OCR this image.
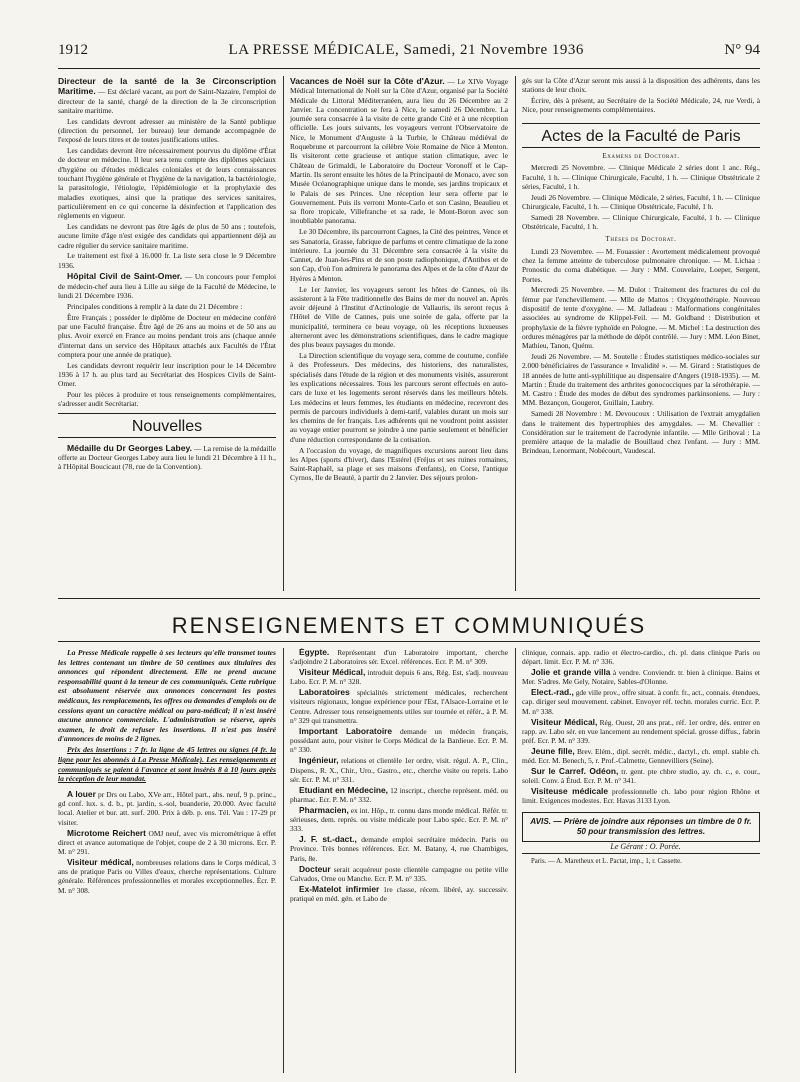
1912	LA PRESSE MÉDICALE, Samedi, 21 Novembre 1936	N° 94

Directeur de la santé de la 3e Circonscription Maritime. — Est déclaré vacant, au port de Saint-Nazaire, l'emploi de directeur de la santé, chargé de la direction de la 3e circonscription sanitaire maritime.

Les candidats devront adresser au ministère de la Santé publique (direction du personnel, 1er bureau) leur demande accompagnée de l'exposé de leurs titres et de toutes justifications utiles.

Les candidats devront être nécessairement pourvus du diplôme d'État de docteur en médecine. Il leur sera tenu compte des diplômes spéciaux d'hygiène ou d'études médicales coloniales et de leurs connaissances touchant l'hygiène générale et l'hygiène de la navigation, la bactériologie, la parasitologie, l'étiologie, l'épidémiologie et la prophylaxie des maladies exotiques, ainsi que la pratique des services sanitaires, particulièrement en ce qui concerne la désinfection et l'application des règlements en vigueur.

Les candidats ne devront pas être âgés de plus de 50 ans ; toutefois, aucune limite d'âge n'est exigée des candidats qui appartiennent déjà au cadre régulier du service sanitaire maritime.

Le traitement est fixé à 16.000 fr. La liste sera close le 9 Décembre 1936.

Hôpital Civil de Saint-Omer. — Un concours pour l'emploi de médecin-chef aura lieu à Lille au siège de la Faculté de Médecine, le lundi 21 Décembre 1936.

Principales conditions à remplir à la date du 21 Décembre :

Être Français ; posséder le diplôme de Docteur en médecine conféré par une Faculté française. Être âgé de 26 ans au moins et de 50 ans au plus. Avoir exercé en France au moins pendant trois ans (chaque année d'internat dans un service des Hôpitaux attachés aux Facultés de l'État comptera pour une année de pratique).

Les candidats devront requérir leur inscription pour le 14 Décembre 1936 à 17 h. au plus tard au Secrétariat des Hospices Civils de Saint-Omer.

Pour les pièces à produire et tous renseignements complémentaires, s'adresser audit Secrétariat.

Nouvelles

Médaille du Dr Georges Labey. — La remise de la médaille offerte au Docteur Georges Labey aura lieu le lundi 21 Décembre à 11 h., à l'Hôpital Boucicaut (78, rue de la Convention).

Vacances de Noël sur la Côte d'Azur. — Le XIVe Voyage Médical International de Noël sur la Côte d'Azur, organisé par la Société Médicale du Littoral Méditerranéen, aura lieu du 26 Décembre au 2 Janvier. La concentration se fera à Nice, le samedi 26 Décembre. La journée sera consacrée à la visite de cette grande Cité et à une réception officielle. Les jours suivants, les voyageurs verront l'Observatoire de Nice, le Monument d'Auguste à la Turbie, le Château médiéval de Roquebrune et parcourront la célèbre Voie Romaine de Nice à Menton. Ils visiteront cette gracieuse et antique station climatique, avec le Château de Grimaldi, le Laboratoire du Docteur Voronoff et le Cap-Martin. Ils seront ensuite les hôtes de la Principauté de Monaco, avec son Musée Océanographique unique dans le monde, ses jardins tropicaux et le Palais de ses Princes. Une réception leur sera offerte par le Gouvernement. Puis ils verront Monte-Carlo et son Casino, Beaulieu et sa flore tropicale, Villefranche et sa rade, le Mont-Boron avec son inoubliable panorama.

Le 30 Décembre, ils parcourront Cagnes, la Cité des peintres, Vence et ses Sanatoria, Grasse, fabrique de parfums et centre climatique de la zone intérieure. La journée du 31 Décembre sera consacrée à la visite du Cannet, de Juan-les-Pins et de son poste radiophonique, d'Antibes et de son Cap, d'où l'on admirera le panorama des Alpes et de la côte d'Azur de Hyères à Menton.

Le 1er Janvier, les voyageurs seront les hôtes de Cannes, où ils assisteront à la Fête traditionnelle des Bains de mer du nouvel an. Après avoir déjeuné à l'Institut d'Actinologie de Vallauris, ils seront reçus à l'Hôtel de Ville de Cannes, puis une soirée de gala, offerte par la municipalité, terminera ce beau voyage, où les réceptions luxueuses alterneront avec les démonstrations scientifiques, dans le cadre magique des plus beaux paysages du monde.

La Direction scientifique du voyage sera, comme de coutume, confiée à des Professeurs. Des médecins, des historiens, des naturalistes, spécialisés dans l'étude de la région et des monuments visités, assureront les explications nécessaires. Tous les parcours seront effectués en auto-cars de luxe et les logements seront réservés dans les meilleurs hôtels. Les médecins et leurs femmes, les étudiants en médecine, recevront des permis de parcours individuels à demi-tarif, valables durant un mois sur les chemins de fer français. Les adhérents qui ne voudront point assister au voyage entier pourront se joindre à une partie seulement et bénéficier d'une réduction correspondante de la cotisation.

A l'occasion du voyage, de magnifiques excursions auront lieu dans les Alpes (sports d'hiver), dans l'Estérel (Fréjus et ses ruines romaines, Saint-Raphaël, sa plage et ses maisons d'enfants), en Corse, l'antique Cyrnos, Ile de Beauté, à partir du 2 Janvier. Des séjours prolon-

gés sur la Côte d'Azur seront mis aussi à la disposition des adhérents, dans les stations de leur choix.

Écrire, dès à présent, au Secrétaire de la Société Médicale, 24, rue Verdi, à Nice, pour renseignements complémentaires.

Actes de la Faculté de Paris

Examens de Doctorat.

Mercredi 25 Novembre. — Clinique Médicale 2 séries dont 1 anc. Rég., Faculté, 1 h. — Clinique Chirurgicale, Faculté, 1 h. — Clinique Obstétricale 2 séries, Faculté, 1 h.

Jeudi 26 Novembre. — Clinique Médicale, 2 séries, Faculté, 1 h. — Clinique Chirurgicale, Faculté, 1 h. — Clinique Obstétricale, Faculté, 1 h.

Samedi 28 Novembre. — Clinique Chirurgicale, Faculté, 1 h. — Clinique Obstétricale, Faculté, 1 h.

Thèses de Doctorat.

Lundi 23 Novembre. — M. Fouassier : Avortement médicalement provoqué chez la femme atteinte de tuberculose pulmonaire chronique. — M. Lichaa : Pronostic du coma diabétique. — Jury : MM. Couvelaire, Loeper, Sergent, Portes.

Mercredi 25 Novembre. — M. Dulot : Traitement des fractures du col du fémur par l'enchevillement. — Mlle de Mattos : Oxygénothérapie. Nouveau dispositif de tente d'oxygène. — M. Jalladeau : Malformations congénitales associées au syndrome de Klippel-Feil. — M. Goldband : Distribution et prophylaxie de la fièvre typhoïde en Pologne. — M. Michel : La destruction des ordures ménagères par la méthode de dépôt contrôlé. — Jury : MM. Léon Binet, Mathieu, Tanon, Quénu.

Jeudi 26 Novembre. — M. Soutelle : Études statistiques médico-sociales sur 2.000 bénéficiaires de l'assurance « Invalidité ». — M. Girard : Statistiques de 18 années de lutte anti-syphilitique au dispensaire d'Angers (1918-1935). — M. Martin : Étude du traitement des arthrites gonococciques par la sérothérapie. — M. Castro : Étude des modes de début des syndromes parkinsoniens. — Jury : MM. Bezançon, Gougerot, Guillain, Laubry.

Samedi 28 Novembre : M. Devoucoux : Utilisation de l'extrait amygdalien dans le traitement des hypertrophies des amygdales. — M. Chevallier : Considération sur le traitement de l'acrodynie infantile. — Mlle Grihoval : La première attaque de la maladie de Bouillaud chez l'enfant. — Jury : MM. Brindeau, Lenormant, Nobécourt, Vaudescal.

RENSEIGNEMENTS ET COMMUNIQUÉS

La Presse Médicale rappelle à ses lecteurs qu'elle transmet toutes les lettres contenant un timbre de 50 centimes aux titulaires des annonces qui répondent directement. Elle ne prend aucune responsabilité quant à la teneur de ces communiqués. Cette rubrique est absolument réservée aux annonces concernant les postes médicaux, les remplacements, les offres ou demandes d'emplois ou de cessions ayant un caractère médical ou para-médical; il n'est inséré aucune annonce commerciale. L'administration se réserve, après examen, le droit de refuser les insertions. Il n'est pas inséré d'annonces de moins de 2 lignes.

Prix des insertions : 7 fr. la ligne de 45 lettres ou signes (4 fr. la ligne pour les abonnés à La Presse Médicale). Les renseignements et communiqués se paient à l'avance et sont insérés 8 à 10 jours après la réception de leur mandat.

A louer pr Drs ou Labo, XVe arr., Hôtel part., abs. neuf, 9 p. princ., gd conf. lux. s. d. b., pt. jardin, s.-sol, buanderie, 20.000. Avec faculté local. Atelier et bur. att. surf. 200. Prix à déb. p. ens. Tél. Vau : 17-29 pr visiter.

Microtome Reichert OMJ neuf, avec vis micrométrique à effet direct et avance automatique de l'objet, coupe de 2 à 30 microns. Ecr. P. M. n° 291.

Visiteur médical, nombreuses relations dans le Corps médical, 3 ans de pratique Paris ou Villes d'eaux, cherche représentations. Culture générale. Références professionnelles et morales exceptionnelles. Écr. P. M. n° 308.

Égypte. Représentant d'un Laboratoire important, cherche s'adjoindre 2 Laboratoires sér. Excel. références. Ecr. P. M. n° 309.

Visiteur Médical, introduit depuis 6 ans, Rég. Est, s'adj. nouveau Labo. Ecr. P. M. n° 328.

Laboratoires spécialités strictement médicales, recherchent visiteurs régionaux, longue expérience pour l'Est, l'Alsace-Lorraine et le Centre. Adresser tous renseignements utiles sur tournée et référ., à P. M. n° 329 qui transmettra.

Important Laboratoire demande un médecin français, possédant auto, pour visiter le Corps Médical de la Banlieue. Ecr. P. M. n° 330.

Ingénieur, relations et clientèle 1er ordre, visit. régul. A. P., Clin., Dispens., R. X., Chir., Uro., Gastro., etc., cherche visite ou repris. Labo sér. Ecr. P. M. n° 331.

Etudiant en Médecine, 12 inscript., cherche représent. méd. ou pharmac. Ecr. P. M. n° 332.

Pharmacien, ex int. Hôp., tr. connu dans monde médical. Référ. tr. sérieuses, dem. représ. ou visite médicale pour Labo spéc. Ecr. P. M. n° 333.

J. F. st.-dact., demande emploi secrétaire médecin. Paris ou Province. Très bonnes références. Ecr. M. Batany, 4, rue Chambiges, Paris, 8e.

Docteur serait acquéreur poste clientèle campagne ou petite ville Calvados, Orne ou Manche. Ecr. P. M. n° 335.

Ex-Matelot infirmier 1re classe, récem. libéré, ay. successiv. pratiqué en méd. gén. et Labo de

clinique, connais. app. radio et électro-cardio., ch. pl. dans clinique Paris ou départ. limit. Ecr. P. M. n° 336.

Jolie et grande villa à vendre. Conviendr. tr. bien à clinique. Bains et Mer. S'adres. Me Gely, Notaire, Sables-d'Olonne.

Elect.-rad., gde ville prov., offre situat. à confr. fr., act., connais. étendues, cap. diriger seul mouvement. cabinet. Envoyer réf. techn. morales curric. Ecr. P. M. n° 338.

Visiteur Médical, Rég. Ouest, 20 ans prat., réf. 1er ordre, dés. entrer en rapp. av. Labo sér. en vue lancement au rendement spécial. grosse diffus., fabrin préf. Ecr. P. M. n° 339.

Jeune fille, Brev. Elém., dipl. secrét. médic., dactyl., ch. empl. stable ch. méd. Ecr. M. Benech, 5, r. Prof.-Calmette, Gennevilliers (Seine).

Sur le Carref. Odéon, tr. gent. pte chbre studio, ay. ch. c., e. cour., soleil. Conv. à Étud. Ecr. P. M. n° 341.

Visiteuse médicale professionnelle ch. labo pour région Rhône et limit. Exigences modestes. Ecr. Havas 3133 Lyon.

AVIS. — Prière de joindre aux réponses un timbre de 0 fr. 50 pour transmission des lettres.

Le Gérant : O. Porée.

Paris. — A. Maretheux et L. Pactat, imp., 1, r. Cassette.
